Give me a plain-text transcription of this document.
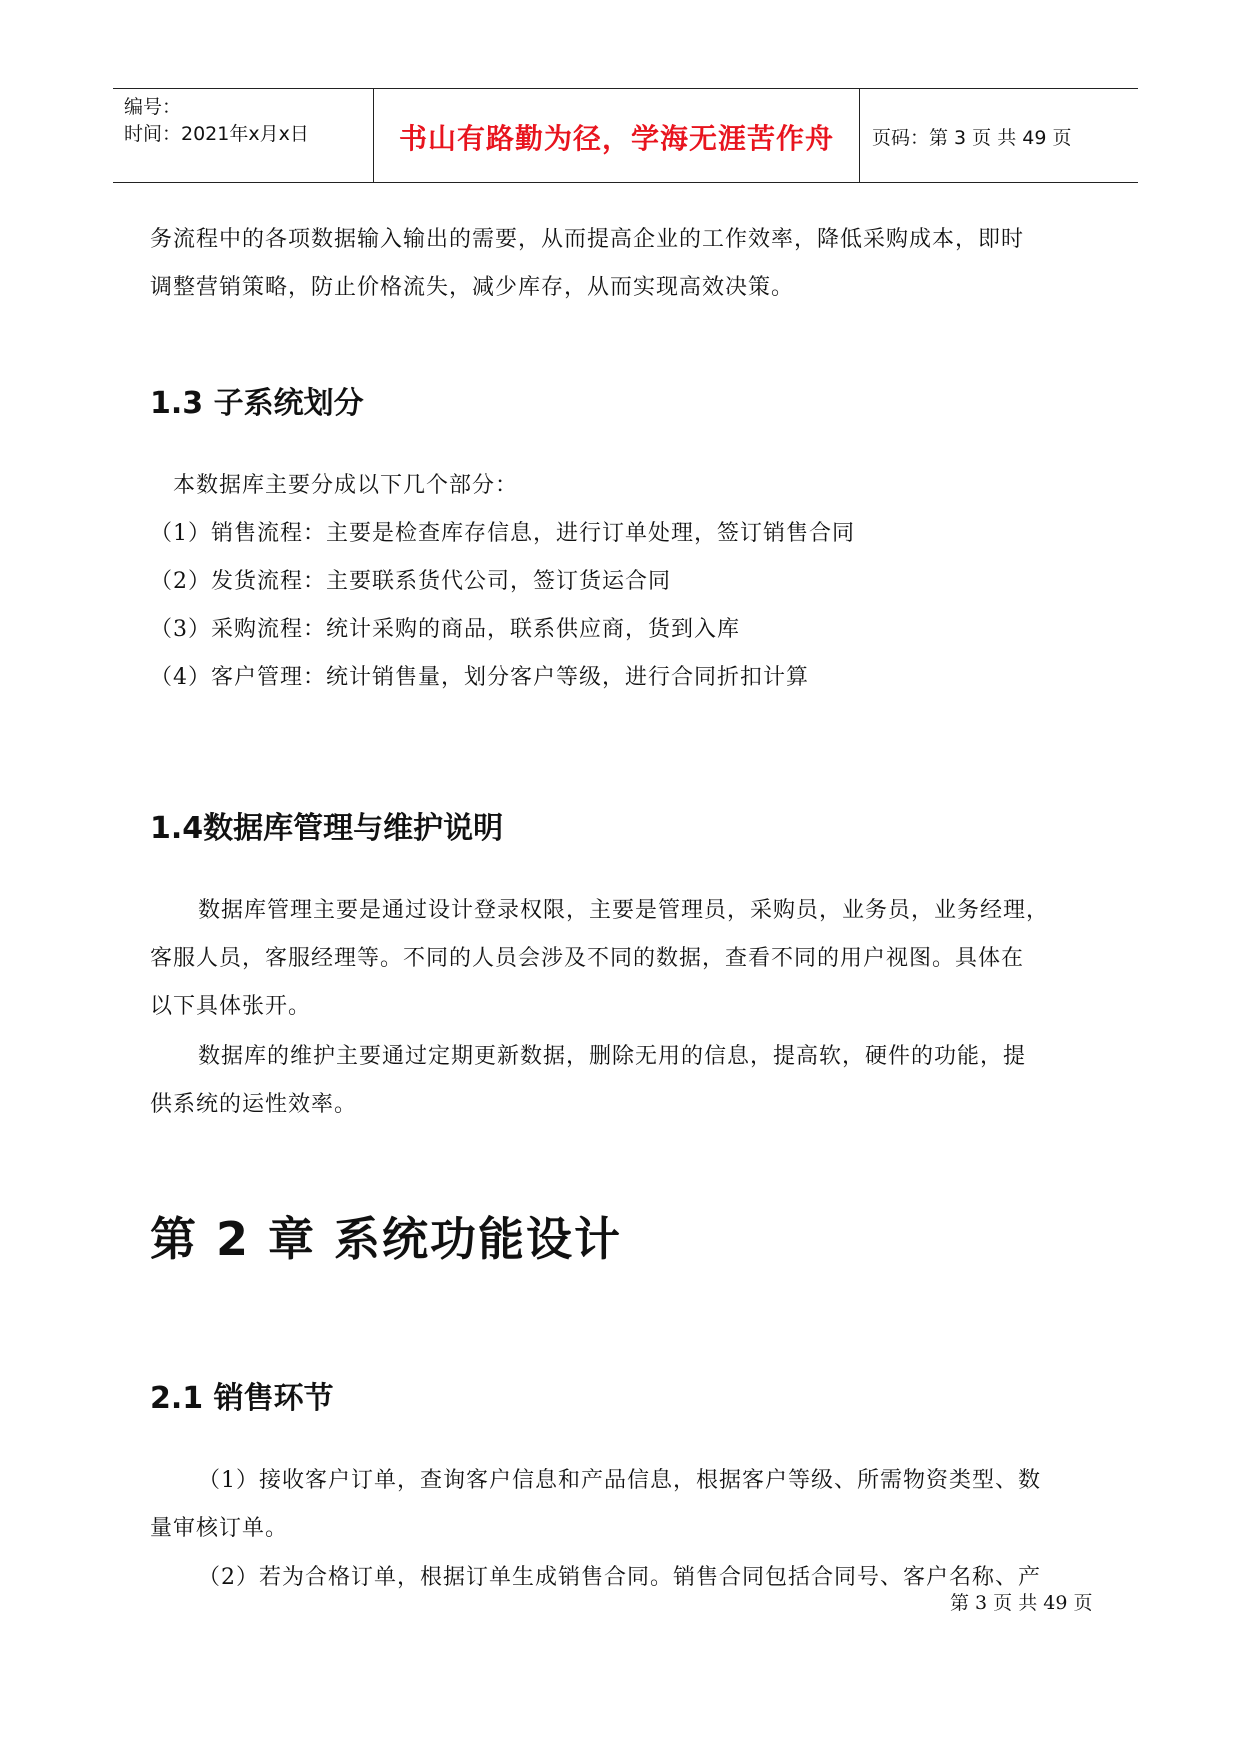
编号：
时间：2021年x月x日	书山有路勤为径，学海无涯苦作舟	页码：第 3 页 共 49 页
务流程中的各项数据输入输出的需要，从而提高企业的工作效率，降低采购成本，即时
调整营销策略，防止价格流失，减少库存，从而实现高效决策。
1.3 子系统划分
本数据库主要分成以下几个部分：
（1）销售流程：主要是检查库存信息，进行订单处理，签订销售合同
（2）发货流程：主要联系货代公司，签订货运合同
（3）采购流程：统计采购的商品，联系供应商，货到入库
（4）客户管理：统计销售量，划分客户等级，进行合同折扣计算
1.4数据库管理与维护说明
数据库管理主要是通过设计登录权限，主要是管理员，采购员，业务员，业务经理，
客服人员，客服经理等。不同的人员会涉及不同的数据，查看不同的用户视图。具体在
以下具体张开。
数据库的维护主要通过定期更新数据，删除无用的信息，提高软，硬件的功能，提
供系统的运性效率。
第 2 章 系统功能设计
2.1 销售环节
（1）接收客户订单，查询客户信息和产品信息，根据客户等级、所需物资类型、数
量审核订单。
（2）若为合格订单，根据订单生成销售合同。销售合同包括合同号、客户名称、产
第 3 页 共 49 页
